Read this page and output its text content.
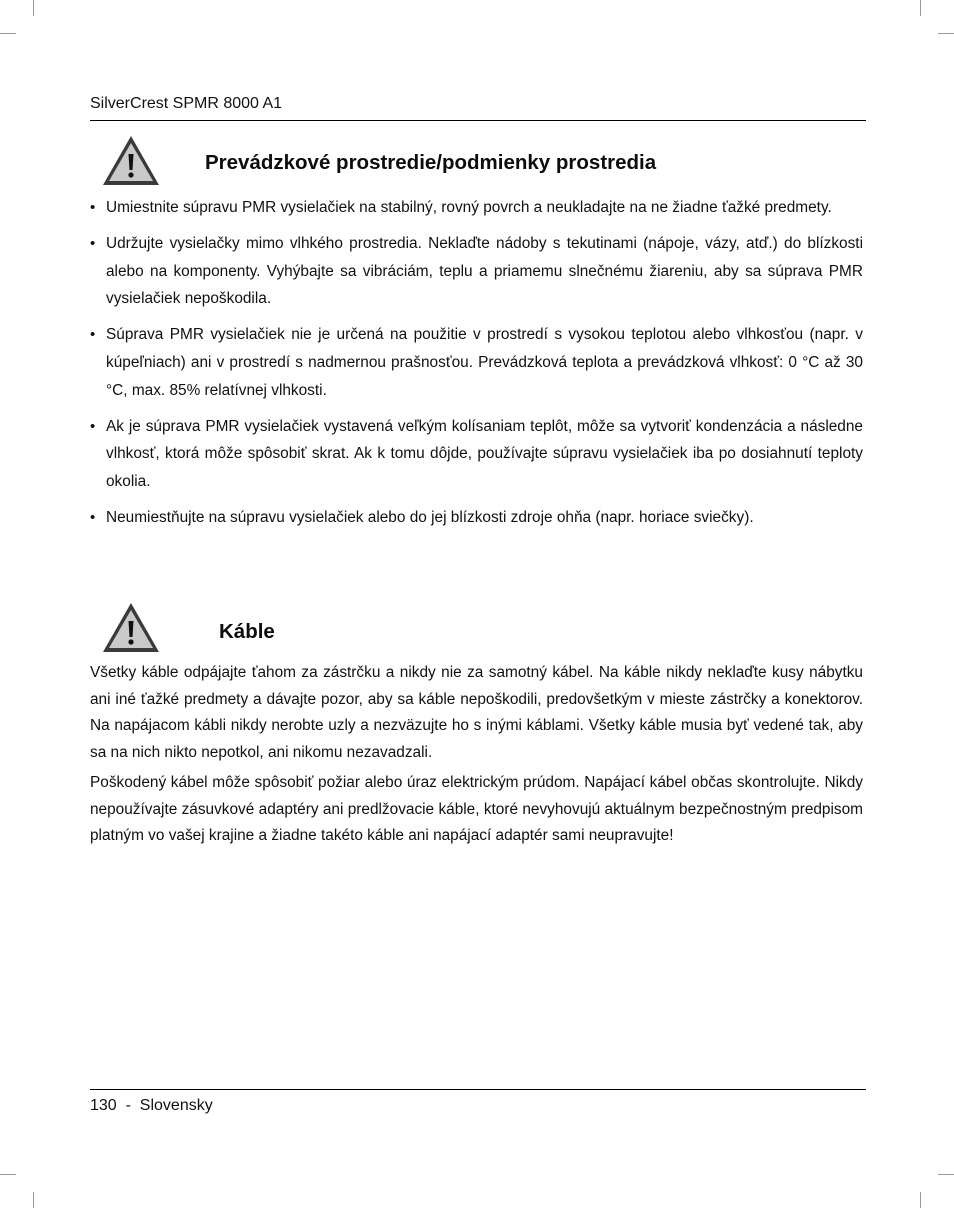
SilverCrest SPMR 8000 A1
Prevádzkové prostredie/podmienky prostredia
• Umiestnite súpravu PMR vysielačiek na stabilný, rovný povrch a neukladajte na ne žiadne ťažké predmety.
• Udržujte vysielačky mimo vlhkého prostredia. Neklaďte nádoby s tekutinami (nápoje, vázy, atď.) do blízkosti alebo na komponenty. Vyhýbajte sa vibráciám, teplu a priamemu slnečnému žiareniu, aby sa súprava PMR vysielačiek nepoškodila.
• Súprava PMR vysielačiek nie je určená na použitie v prostredí s vysokou teplotou alebo vlhkosťou (napr. v kúpeľniach) ani v prostredí s nadmernou prašnosťou. Prevádzková teplota a prevádzková vlhkosť: 0 °C až 30 °C, max. 85% relatívnej vlhkosti.
• Ak je súprava PMR vysielačiek vystavená veľkým kolísaniam teplôt, môže sa vytvoriť kondenzácia a následne vlhkosť, ktorá môže spôsobiť skrat. Ak k tomu dôjde, používajte súpravu vysielačiek iba po dosiahnutí teploty okolia.
• Neumiestňujte na súpravu vysielačiek alebo do jej blízkosti zdroje ohňa (napr. horiace sviečky).
Káble

Všetky káble odpájajte ťahom za zástrčku a nikdy nie za samotný kábel. Na káble nikdy neklaďte kusy nábytku ani iné ťažké predmety a dávajte pozor, aby sa káble nepoškodili, predovšetkým v mieste zástrčky a konektorov. Na napájacom kábli nikdy nerobte uzly a nezväzujte ho s inými káblami. Všetky káble musia byť vedené tak, aby sa na nich nikto nepotkol, ani nikomu nezavadzali.

Poškodený kábel môže spôsobiť požiar alebo úraz elektrickým prúdom. Napájací kábel občas skontrolujte. Nikdy nepoužívajte zásuvkové adaptéry ani predlžovacie káble, ktoré nevyhovujú aktuálnym bezpečnostným predpisom platným vo vašej krajine a žiadne takéto káble ani napájací adaptér sami neupravujte!

130  -  Slovensky
